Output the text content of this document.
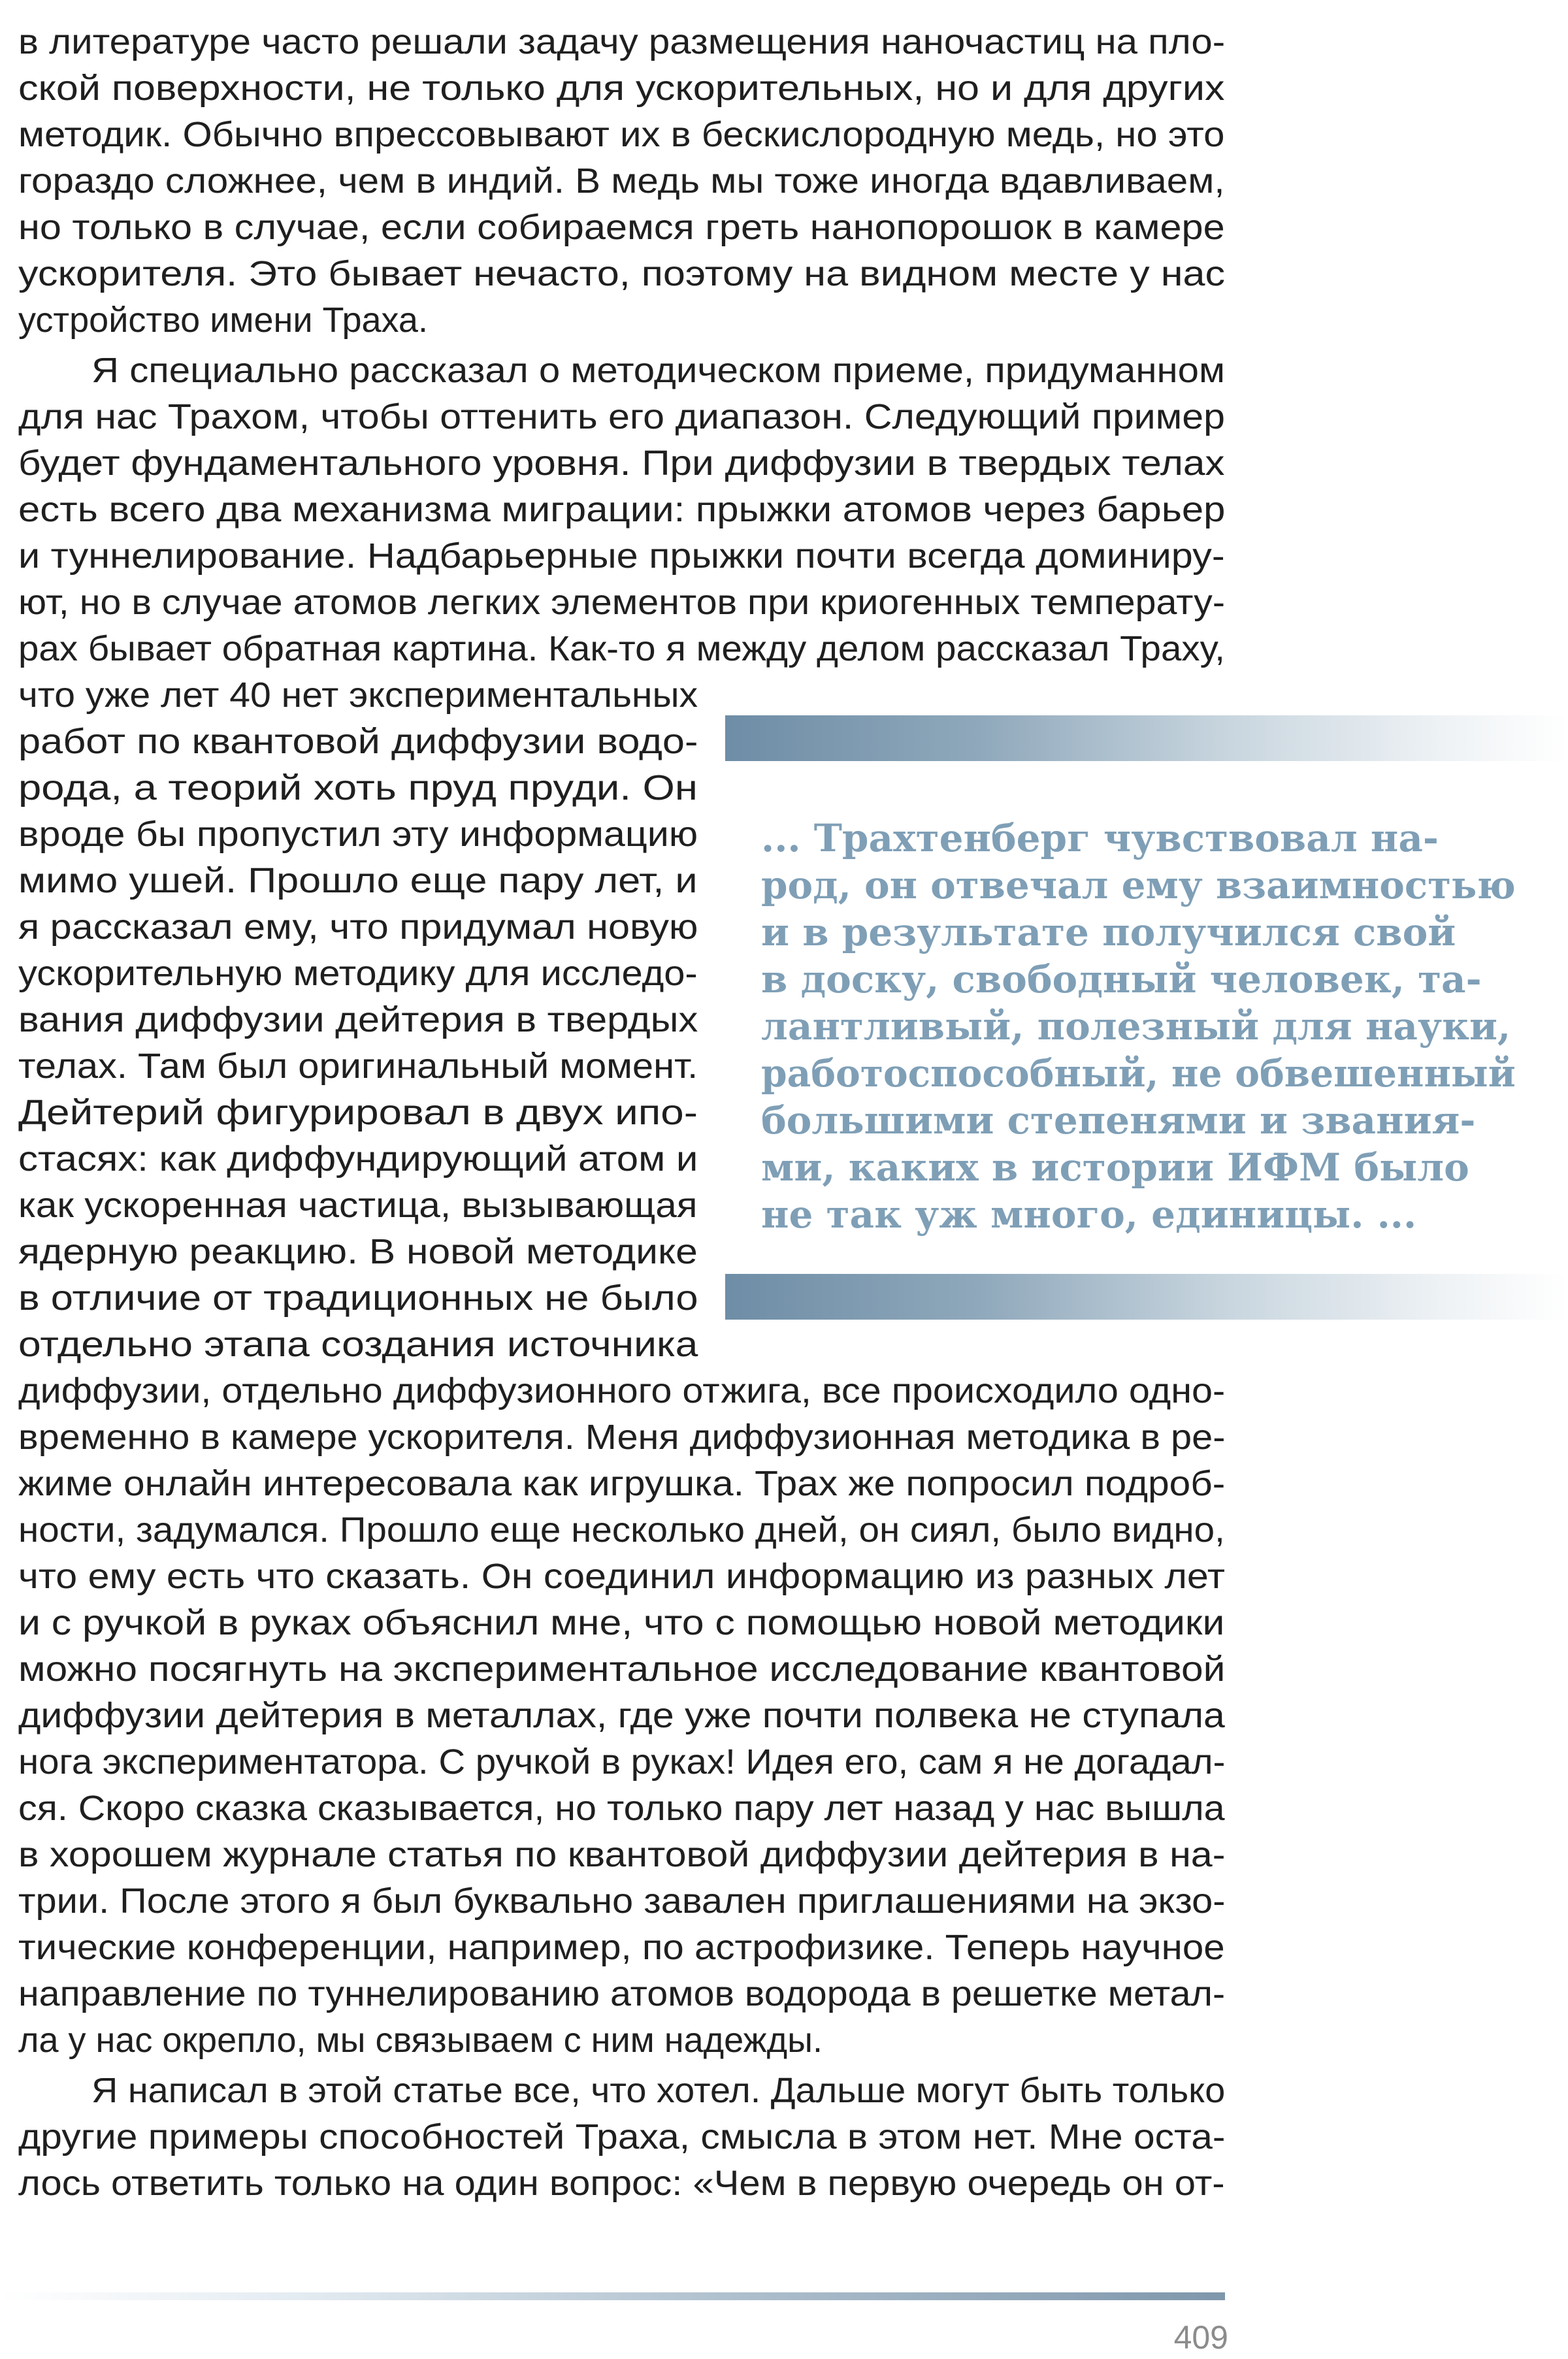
в литературе часто решали задачу размещения наночастиц на пло-

ской поверхности, не только для ускорительных, но и для других

методик. Обычно впрессовывают их в бескислородную медь, но это

гораздо сложнее, чем в индий. В медь мы тоже иногда вдавливаем,

но только в случае, если собираемся греть нанопорошок в камере

ускорителя. Это бывает нечасто, поэтому на видном месте у нас

устройство имени Траха.

Я специально рассказал о методическом приеме, придуманном

для нас Трахом, чтобы оттенить его диапазон. Следующий пример

будет фундаментального уровня. При диффузии в твердых телах

есть всего два механизма миграции: прыжки атомов через барьер

и туннелирование. Надбарьерные прыжки почти всегда доминиру-

ют, но в случае атомов легких элементов при криогенных температу-

рах бывает обратная картина. Как-то я между делом рассказал Траху,

что уже лет 40 нет экспериментальных

работ по квантовой диффузии водо-

рода, а теорий хоть пруд пруди. Он

вроде бы пропустил эту информацию

мимо ушей. Прошло еще пару лет, и

я рассказал ему, что придумал новую

ускорительную методику для исследо-

вания диффузии дейтерия в твердых

телах. Там был оригинальный момент.

Дейтерий фигурировал в двух ипо-

стасях: как диффундирующий атом и

как ускоренная частица, вызывающая

ядерную реакцию. В новой методике

в отличие от традиционных не было

отдельно этапа создания источника

диффузии, отдельно диффузионного отжига, все происходило одно-

временно в камере ускорителя. Меня диффузионная методика в ре-

жиме онлайн интересовала как игрушка. Трах же попросил подроб-

ности, задумался. Прошло еще несколько дней, он сиял, было видно,

что ему есть что сказать. Он соединил информацию из разных лет

и с ручкой в руках объяснил мне, что с помощью новой методики

можно посягнуть на экспериментальное исследование квантовой

диффузии дейтерия в металлах, где уже почти полвека не ступала

нога экспериментатора. С ручкой в руках! Идея его, сам я не догадал-

ся. Скоро сказка сказывается, но только пару лет назад у нас вышла

в хорошем журнале статья по квантовой диффузии дейтерия в на-

трии. После этого я был буквально завален приглашениями на экзо-

тические конференции, например, по астрофизике. Теперь научное

направление по туннелированию атомов водорода в решетке метал-

ла у нас окрепло, мы связываем с ним надежды.

Я написал в этой статье все, что хотел. Дальше могут быть только

другие примеры способностей Траха, смысла в этом нет. Мне оста-

лось ответить только на один вопрос: «Чем в первую очередь он от-

... Трахтенберг чувствовал на-

род, он отвечал ему взаимностью

и в результате получился свой

в доску, свободный человек, та-

лантливый, полезный для науки,

работоспособный, не обвешенный

большими степенями и звания-

ми, каких в истории ИФМ было

не так уж много, единицы. ...

409
